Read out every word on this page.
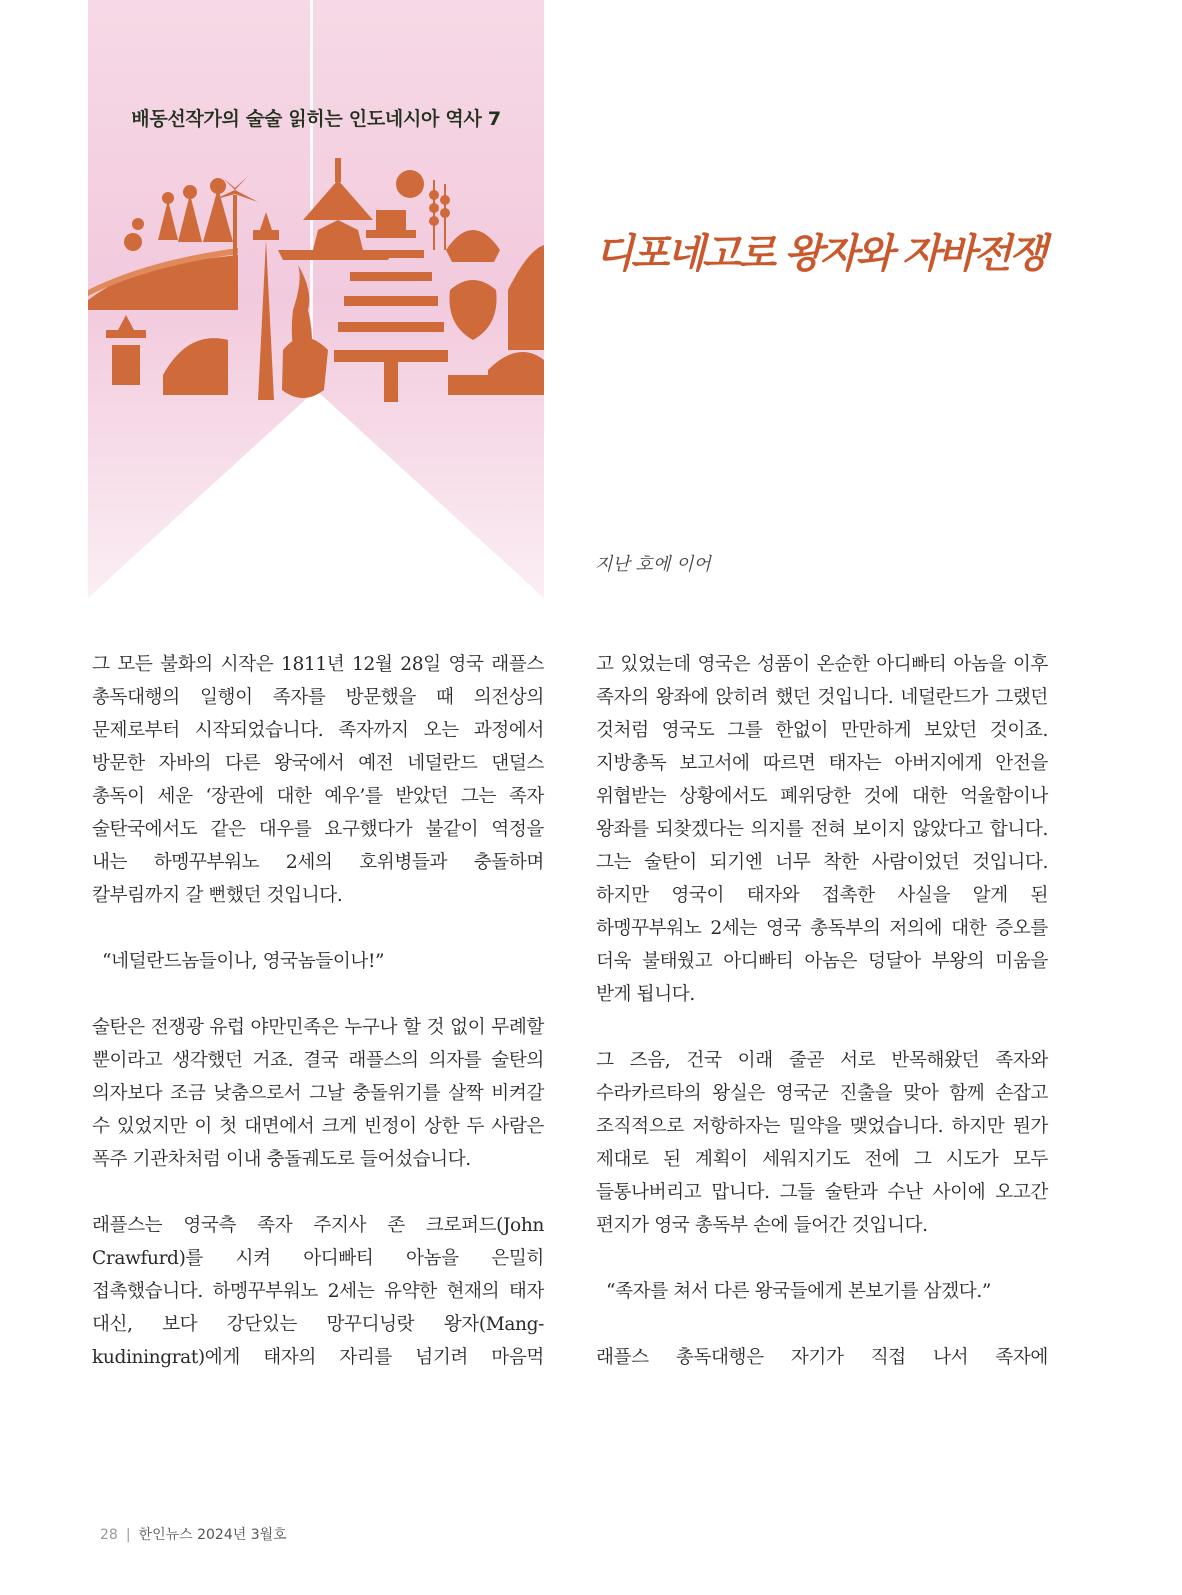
배동선작가의 술술 읽히는 인도네시아 역사 7
디포네고로 왕자와 자바전쟁
지난 호에 이어

그 모든 불화의 시작은 1811년 12월 28일 영국 래플스 총독대행의 일행이 족자를 방문했을 때 의전상의 문제로부터 시작되었습니다. 족자까지 오는 과정에서 방문한 자바의 다른 왕국에서 예전 네덜란드 댄덜스 총독이 세운 ‘장관에 대한 예우’를 받았던 그는 족자 술탄국에서도 같은 대우를 요구했다가 불같이 역정을 내는 하멩꾸부워노 2세의 호위병들과 충돌하며 칼부림까지 갈 뻔했던 것입니다.

“네덜란드놈들이나, 영국놈들이나!”

술탄은 전쟁광 유럽 야만민족은 누구나 할 것 없이 무례할 뿐이라고 생각했던 거죠. 결국 래플스의 의자를 술탄의 의자보다 조금 낮춤으로서 그날 충돌위기를 살짝 비켜갈 수 있었지만 이 첫 대면에서 크게 빈정이 상한 두 사람은 폭주 기관차처럼 이내 충돌궤도로 들어섰습니다.

래플스는 영국측 족자 주지사 존 크로퍼드(John Crawfurd)를 시켜 아디빠티 아놈을 은밀히 접촉했습니다. 하멩꾸부워노 2세는 유약한 현재의 태자 대신, 보다 강단있는 망꾸디닝랏 왕자(Mang-kudiningrat)에게 태자의 자리를 넘기려 마음먹

고 있었는데 영국은 성품이 온순한 아디빠티 아놈을 이후 족자의 왕좌에 앉히려 했던 것입니다. 네덜란드가 그랬던 것처럼 영국도 그를 한없이 만만하게 보았던 것이죠. 지방총독 보고서에 따르면 태자는 아버지에게 안전을 위협받는 상황에서도 폐위당한 것에 대한 억울함이나 왕좌를 되찾겠다는 의지를 전혀 보이지 않았다고 합니다. 그는 술탄이 되기엔 너무 착한 사람이었던 것입니다. 하지만 영국이 태자와 접촉한 사실을 알게 된 하멩꾸부워노 2세는 영국 총독부의 저의에 대한 증오를 더욱 불태웠고 아디빠티 아놈은 덩달아 부왕의 미움을 받게 됩니다.

그 즈음, 건국 이래 줄곧 서로 반목해왔던 족자와 수라카르타의 왕실은 영국군 진출을 맞아 함께 손잡고 조직적으로 저항하자는 밀약을 맺었습니다. 하지만 뭔가 제대로 된 계획이 세워지기도 전에 그 시도가 모두 들통나버리고 맙니다. 그들 술탄과 수난 사이에 오고간 편지가 영국 총독부 손에 들어간 것입니다.

“족자를 쳐서 다른 왕국들에게 본보기를 삼겠다.”

래플스 총독대행은 자기가 직접 나서 족자에

28 | 한인뉴스 2024년 3월호
